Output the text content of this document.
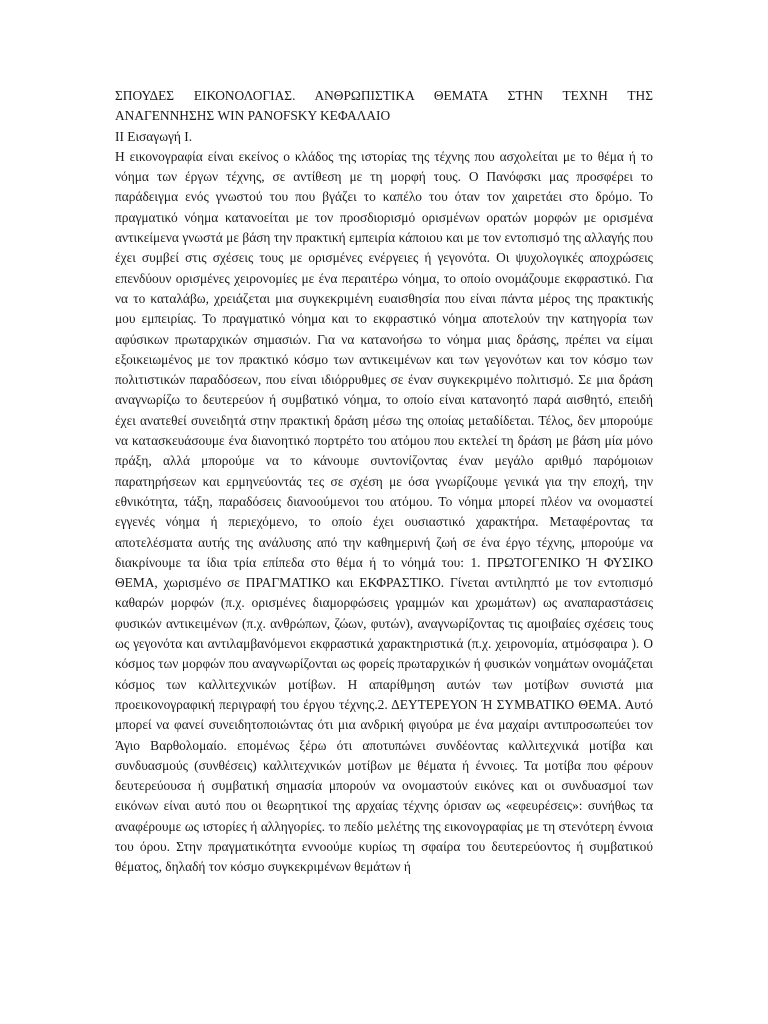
ΣΠΟΥΔΕΣ ΕΙΚΟΝΟΛΟΓΙΑΣ. ΑΝΘΡΩΠΙΣΤΙΚΑ ΘΕΜΑΤΑ ΣΤΗΝ ΤΕΧΝΗ ΤΗΣ ΑΝΑΓΕΝΝΗΣΗΣ WIN PANOFSKY ΚΕΦΑΛΑΙΟ
ΙΙ Εισαγωγή Ι.

Η εικονογραφία είναι εκείνος ο κλάδος της ιστορίας της τέχνης που ασχολείται με το θέμα ή το νόημα των έργων τέχνης, σε αντίθεση με τη μορφή τους. Ο Πανόφσκι μας προσφέρει το παράδειγμα ενός γνωστού του που βγάζει το καπέλο του όταν τον χαιρετάει στο δρόμο. Το πραγματικό νόημα κατανοείται με τον προσδιορισμό ορισμένων ορατών μορφών με ορισμένα αντικείμενα γνωστά με βάση την πρακτική εμπειρία κάποιου και με τον εντοπισμό της αλλαγής που έχει συμβεί στις σχέσεις τους με ορισμένες ενέργειες ή γεγονότα. Οι ψυχολογικές αποχρώσεις επενδύουν ορισμένες χειρονομίες με ένα περαιτέρω νόημα, το οποίο ονομάζουμε εκφραστικό. Για να το καταλάβω, χρειάζεται μια συγκεκριμένη ευαισθησία που είναι πάντα μέρος της πρακτικής μου εμπειρίας. Το πραγματικό νόημα και το εκφραστικό νόημα αποτελούν την κατηγορία των αφύσικων πρωταρχικών σημασιών. Για να κατανοήσω το νόημα μιας δράσης, πρέπει να είμαι εξοικειωμένος με τον πρακτικό κόσμο των αντικειμένων και των γεγονότων και τον κόσμο των πολιτιστικών παραδόσεων, που είναι ιδιόρρυθμες σε έναν συγκεκριμένο πολιτισμό. Σε μια δράση αναγνωρίζω το δευτερεύον ή συμβατικό νόημα, το οποίο είναι κατανοητό παρά αισθητό, επειδή έχει ανατεθεί συνειδητά στην πρακτική δράση μέσω της οποίας μεταδίδεται. Τέλος, δεν μπορούμε να κατασκευάσουμε ένα διανοητικό πορτρέτο του ατόμου που εκτελεί τη δράση με βάση μία μόνο πράξη, αλλά μπορούμε να το κάνουμε συντονίζοντας έναν μεγάλο αριθμό παρόμοιων παρατηρήσεων και ερμηνεύοντάς τες σε σχέση με όσα γνωρίζουμε γενικά για την εποχή, την εθνικότητα, τάξη, παραδόσεις διανοούμενοι του ατόμου. Το νόημα μπορεί πλέον να ονομαστεί εγγενές νόημα ή περιεχόμενο, το οποίο έχει ουσιαστικό χαρακτήρα. Μεταφέροντας τα αποτελέσματα αυτής της ανάλυσης από την καθημερινή ζωή σε ένα έργο τέχνης, μπορούμε να διακρίνουμε τα ίδια τρία επίπεδα στο θέμα ή το νόημά του: 1. ΠΡΩΤΟΓΕΝΙΚΟ Ή ΦΥΣΙΚΟ ΘΕΜΑ, χωρισμένο σε ΠΡΑΓΜΑΤΙΚΟ και ΕΚΦΡΑΣΤΙΚΟ. Γίνεται αντιληπτό με τον εντοπισμό καθαρών μορφών (π.χ. ορισμένες διαμορφώσεις γραμμών και χρωμάτων) ως αναπαραστάσεις φυσικών αντικειμένων (π.χ. ανθρώπων, ζώων, φυτών), αναγνωρίζοντας τις αμοιβαίες σχέσεις τους ως γεγονότα και αντιλαμβανόμενοι εκφραστικά χαρακτηριστικά (π.χ. χειρονομία, ατμόσφαιρα ). Ο κόσμος των μορφών που αναγνωρίζονται ως φορείς πρωταρχικών ή φυσικών νοημάτων ονομάζεται κόσμος των καλλιτεχνικών μοτίβων. Η απαρίθμηση αυτών των μοτίβων συνιστά μια προεικονογραφική περιγραφή του έργου τέχνης.2. ΔΕΥΤΕΡΕΥΟΝ Ή ΣΥΜΒΑΤΙΚΟ ΘΕΜΑ. Αυτό μπορεί να φανεί συνειδητοποιώντας ότι μια ανδρική φιγούρα με ένα μαχαίρι αντιπροσωπεύει τον Άγιο Βαρθολομαίο. επομένως ξέρω ότι αποτυπώνει συνδέοντας καλλιτεχνικά μοτίβα και συνδυασμούς (συνθέσεις) καλλιτεχνικών μοτίβων με θέματα ή έννοιες. Τα μοτίβα που φέρουν δευτερεύουσα ή συμβατική σημασία μπορούν να ονομαστούν εικόνες και οι συνδυασμοί των εικόνων είναι αυτό που οι θεωρητικοί της αρχαίας τέχνης όρισαν ως «εφευρέσεις»: συνήθως τα αναφέρουμε ως ιστορίες ή αλληγορίες. το πεδίο μελέτης της εικονογραφίας με τη στενότερη έννοια του όρου. Στην πραγματικότητα εννοούμε κυρίως τη σφαίρα του δευτερεύοντος ή συμβατικού θέματος, δηλαδή τον κόσμο συγκεκριμένων θεμάτων ή
